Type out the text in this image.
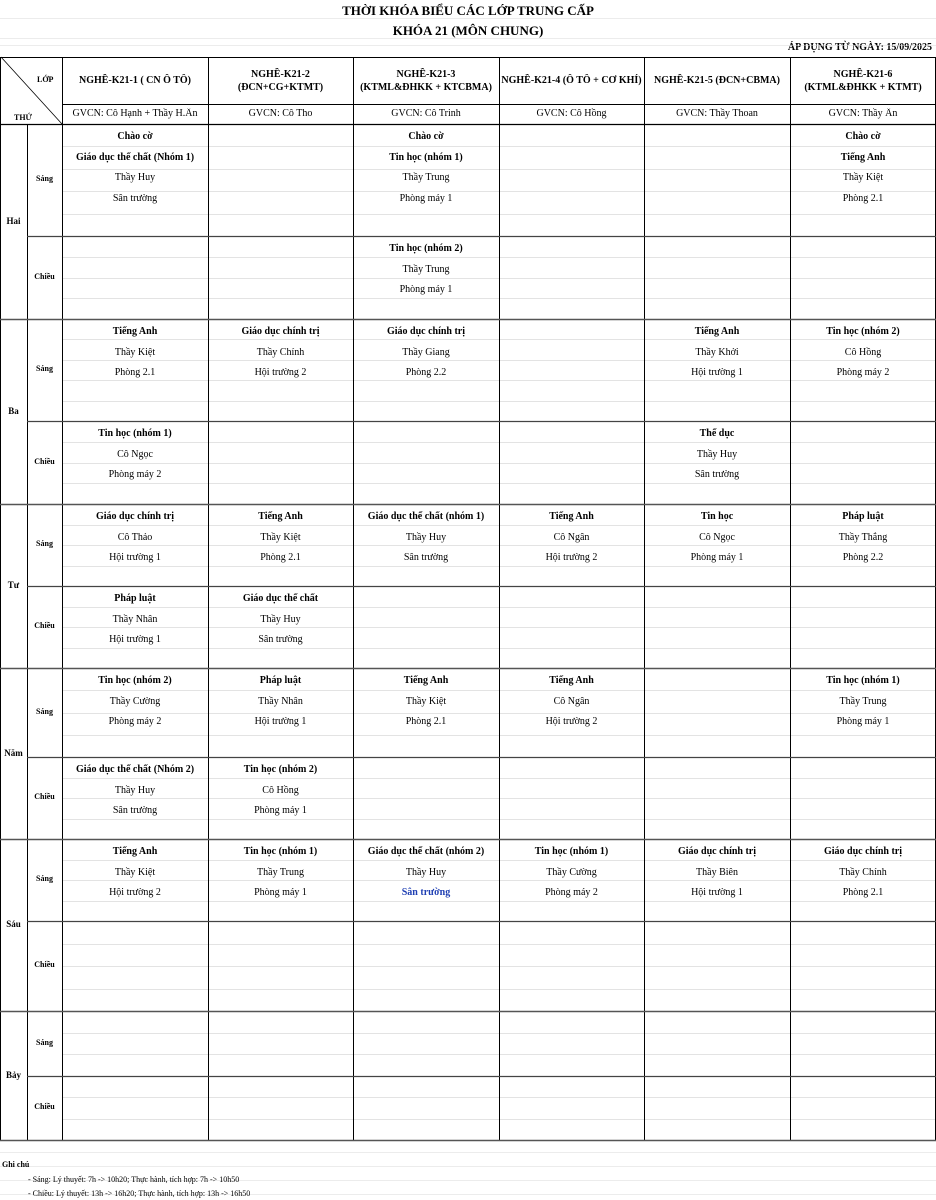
THỜI KHÓA BIỂU CÁC LỚP TRUNG CẤP
KHÓA 21 (MÔN CHUNG)
ÁP DỤNG TỪ NGÀY: 15/09/2025
LỚP
THỨ
NGHỀ-K21-1 ( CN Ô TÔ)
GVCN: Cô Hạnh + Thầy H.Ân
NGHỀ-K21-2
(ĐCN+CG+KTMT)
GVCN: Cô Tho
NGHỀ-K21-3
(KTML&ĐHKK + KTCBMA)
GVCN: Cô Trinh
NGHỀ-K21-4 (Ô TÔ + CƠ KHÍ)
GVCN: Cô Hồng
NGHỀ-K21-5 (ĐCN+CBMA)
GVCN: Thầy Thoan
NGHỀ-K21-6
(KTML&ĐHKK + KTMT)
GVCN: Thầy Ân
Hai
Sáng
Chào cờ
Giáo dục thể chất (Nhóm 1)
Thầy Huy
Sân trường
Chào cờ
Tin học (nhóm 1)
Thầy Trung
Phòng máy 1
Chào cờ
Tiếng Anh
Thầy Kiệt
Phòng 2.1
Chiều
Tin học (nhóm 2)
Thầy Trung
Phòng máy 1
Ba
Sáng
Tiếng Anh
Thầy Kiệt
Phòng 2.1
Giáo dục chính trị
Thầy Chính
Hội trường 2
Giáo dục chính trị
Thầy Giang
Phòng 2.2
Tiếng Anh
Thầy Khởi
Hội trường 1
Tin học (nhóm 2)
Cô Hồng
Phòng máy 2
Chiều
Tin học (nhóm 1)
Cô Ngọc
Phòng máy 2
Thể dục
Thầy Huy
Sân trường
Tư
Sáng
Giáo dục chính trị
Cô Thảo
Hội trường 1
Tiếng Anh
Thầy Kiệt
Phòng 2.1
Giáo dục thể chất (nhóm 1)
Thầy Huy
Sân trường
Tiếng Anh
Cô Ngân
Hội trường 2
Tin học
Cô Ngọc
Phòng máy 1
Pháp luật
Thầy Thắng
Phòng 2.2
Chiều
Pháp luật
Thầy Nhân
Hội trường 1
Giáo dục thể chất
Thầy Huy
Sân trường
Năm
Sáng
Tin học (nhóm 2)
Thầy Cường
Phòng máy 2
Pháp luật
Thầy Nhân
Hội trường 1
Tiếng Anh
Thầy Kiệt
Phòng 2.1
Tiếng Anh
Cô Ngân
Hội trường 2
Tin học (nhóm 1)
Thầy Trung
Phòng máy 1
Chiều
Giáo dục thể chất (Nhóm 2)
Thầy Huy
Sân trường
Tin học (nhóm 2)
Cô Hồng
Phòng máy 1
Sáu
Sáng
Tiếng Anh
Thầy Kiệt
Hội trường 2
Tin học (nhóm 1)
Thầy Trung
Phòng máy 1
Giáo dục thể chất (nhóm 2)
Thầy Huy
Sân trường
Tin học (nhóm 1)
Thầy Cường
Phòng máy 2
Giáo dục chính trị
Thầy Biên
Hội trường 1
Giáo dục chính trị
Thầy Chính
Phòng 2.1
Chiều
Bảy
Sáng
Chiều
Ghi chú
- Sáng: Lý thuyết: 7h -> 10h20; Thực hành, tích hợp: 7h -> 10h50
- Chiều: Lý thuyết: 13h -> 16h20; Thực hành, tích hợp: 13h -> 16h50
